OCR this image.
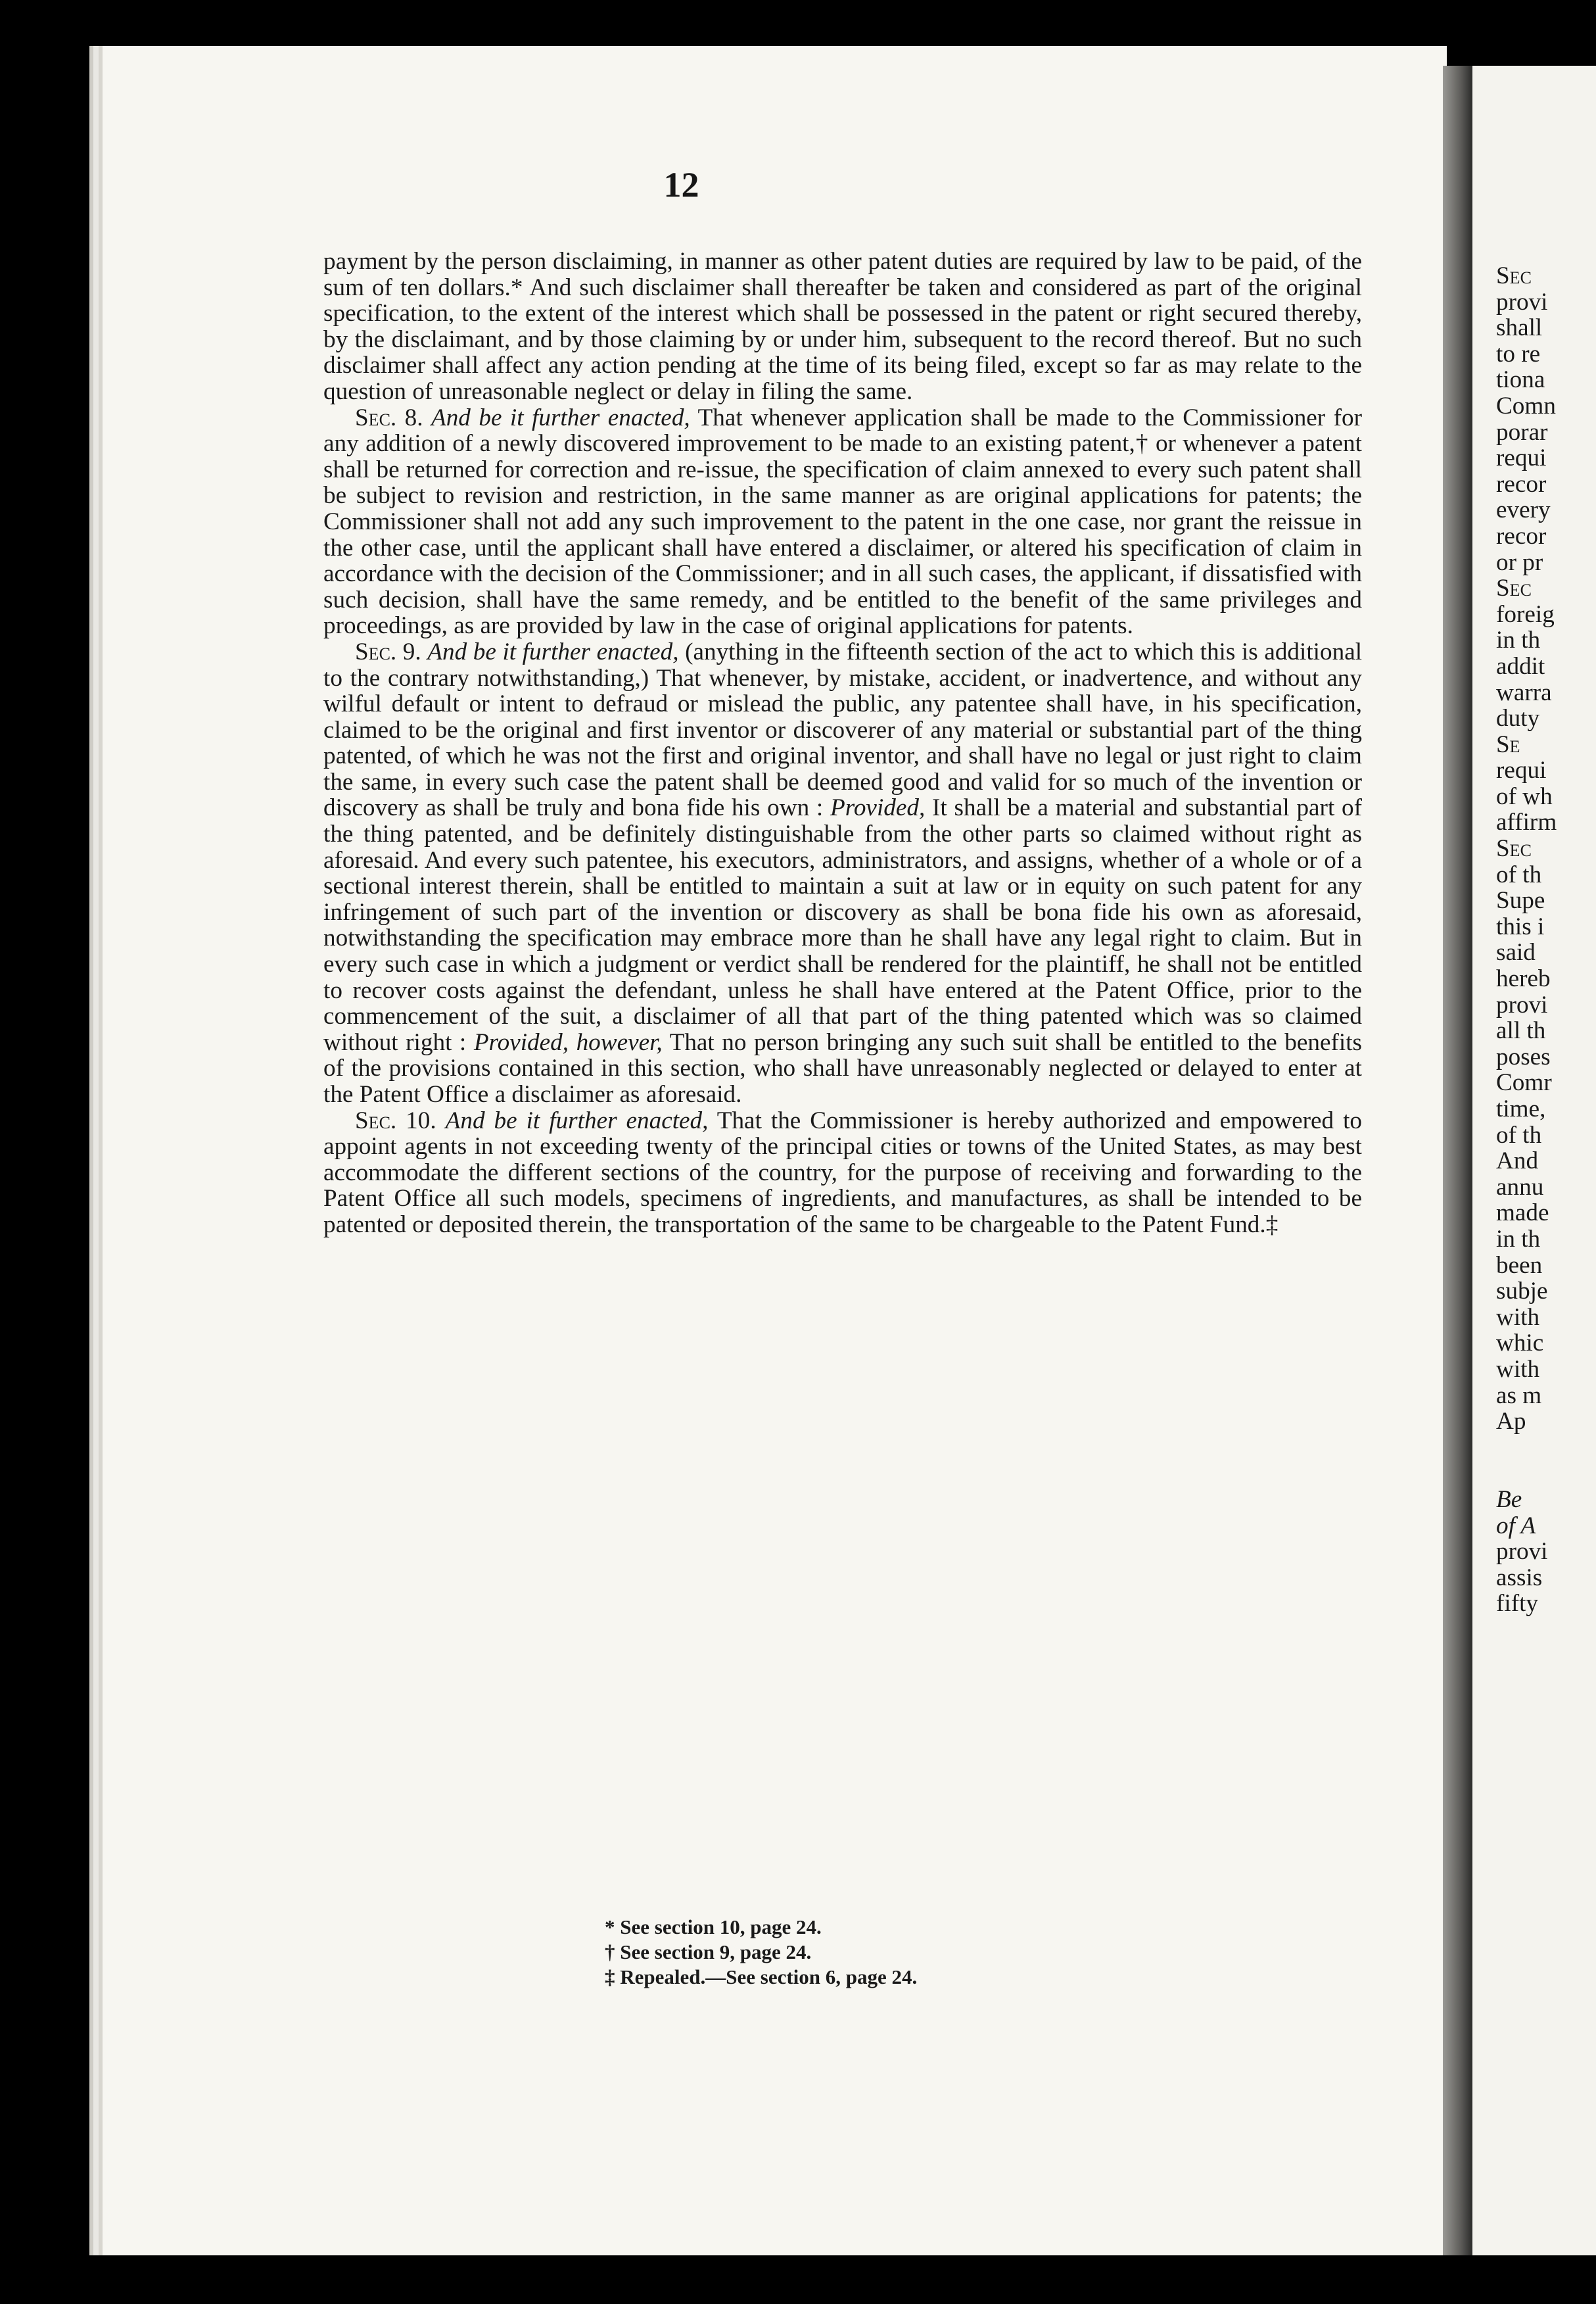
12

payment by the person disclaiming, in manner as other patent duties are required by law to be paid, of the sum of ten dollars.* And such disclaimer shall thereafter be taken and considered as part of the original specification, to the extent of the interest which shall be possessed in the patent or right secured thereby, by the disclaimant, and by those claiming by or under him, subsequent to the record thereof. But no such disclaimer shall affect any action pending at the time of its being filed, except so far as may relate to the question of unreasonable neglect or delay in filing the same.

Sec. 8. And be it further enacted, That whenever application shall be made to the Commissioner for any addition of a newly discovered improvement to be made to an existing patent,† or whenever a patent shall be returned for correction and re-issue, the specification of claim annexed to every such patent shall be subject to revision and restriction, in the same manner as are original applications for patents; the Commissioner shall not add any such improvement to the patent in the one case, nor grant the reissue in the other case, until the applicant shall have entered a disclaimer, or altered his specification of claim in accordance with the decision of the Commissioner; and in all such cases, the applicant, if dissatisfied with such decision, shall have the same remedy, and be entitled to the benefit of the same privileges and proceedings, as are provided by law in the case of original applications for patents.

Sec. 9. And be it further enacted, (anything in the fifteenth section of the act to which this is additional to the contrary notwithstanding,) That whenever, by mistake, accident, or inadvertence, and without any wilful default or intent to defraud or mislead the public, any patentee shall have, in his specification, claimed to be the original and first inventor or discoverer of any material or substantial part of the thing patented, of which he was not the first and original inventor, and shall have no legal or just right to claim the same, in every such case the patent shall be deemed good and valid for so much of the invention or discovery as shall be truly and bona fide his own : Provided, It shall be a material and substantial part of the thing patented, and be definitely distinguishable from the other parts so claimed without right as aforesaid. And every such patentee, his executors, administrators, and assigns, whether of a whole or of a sectional interest therein, shall be entitled to maintain a suit at law or in equity on such patent for any infringement of such part of the invention or discovery as shall be bona fide his own as aforesaid, notwithstanding the specification may embrace more than he shall have any legal right to claim. But in every such case in which a judgment or verdict shall be rendered for the plaintiff, he shall not be entitled to recover costs against the defendant, unless he shall have entered at the Patent Office, prior to the commencement of the suit, a disclaimer of all that part of the thing patented which was so claimed without right : Provided, however, That no person bringing any such suit shall be entitled to the benefits of the provisions contained in this section, who shall have unreasonably neglected or delayed to enter at the Patent Office a disclaimer as aforesaid.

Sec. 10. And be it further enacted, That the Commissioner is hereby authorized and empowered to appoint agents in not exceeding twenty of the principal cities or towns of the United States, as may best accommodate the different sections of the country, for the purpose of receiving and forwarding to the Patent Office all such models, specimens of ingredients, and manufactures, as shall be intended to be patented or deposited therein, the transportation of the same to be chargeable to the Patent Fund.‡

* See section 10, page 24.
† See section 9, page 24.
‡ Repealed.—See section 6, page 24.
Sec
provi
shall
to re
tiona
Comn
porar
requi
recor
every
recor
or pr
Sec
foreig
in th
addit
warra
duty
Se
requi
of wh
affirm
Sec
of th
Supe
this i
said
hereb
provi
all th
poses
Comr
time,
of th
And
annu
made
in th
been
subje
with
whic
with
as m
Ap
Be
of A
provi
assis
fifty
